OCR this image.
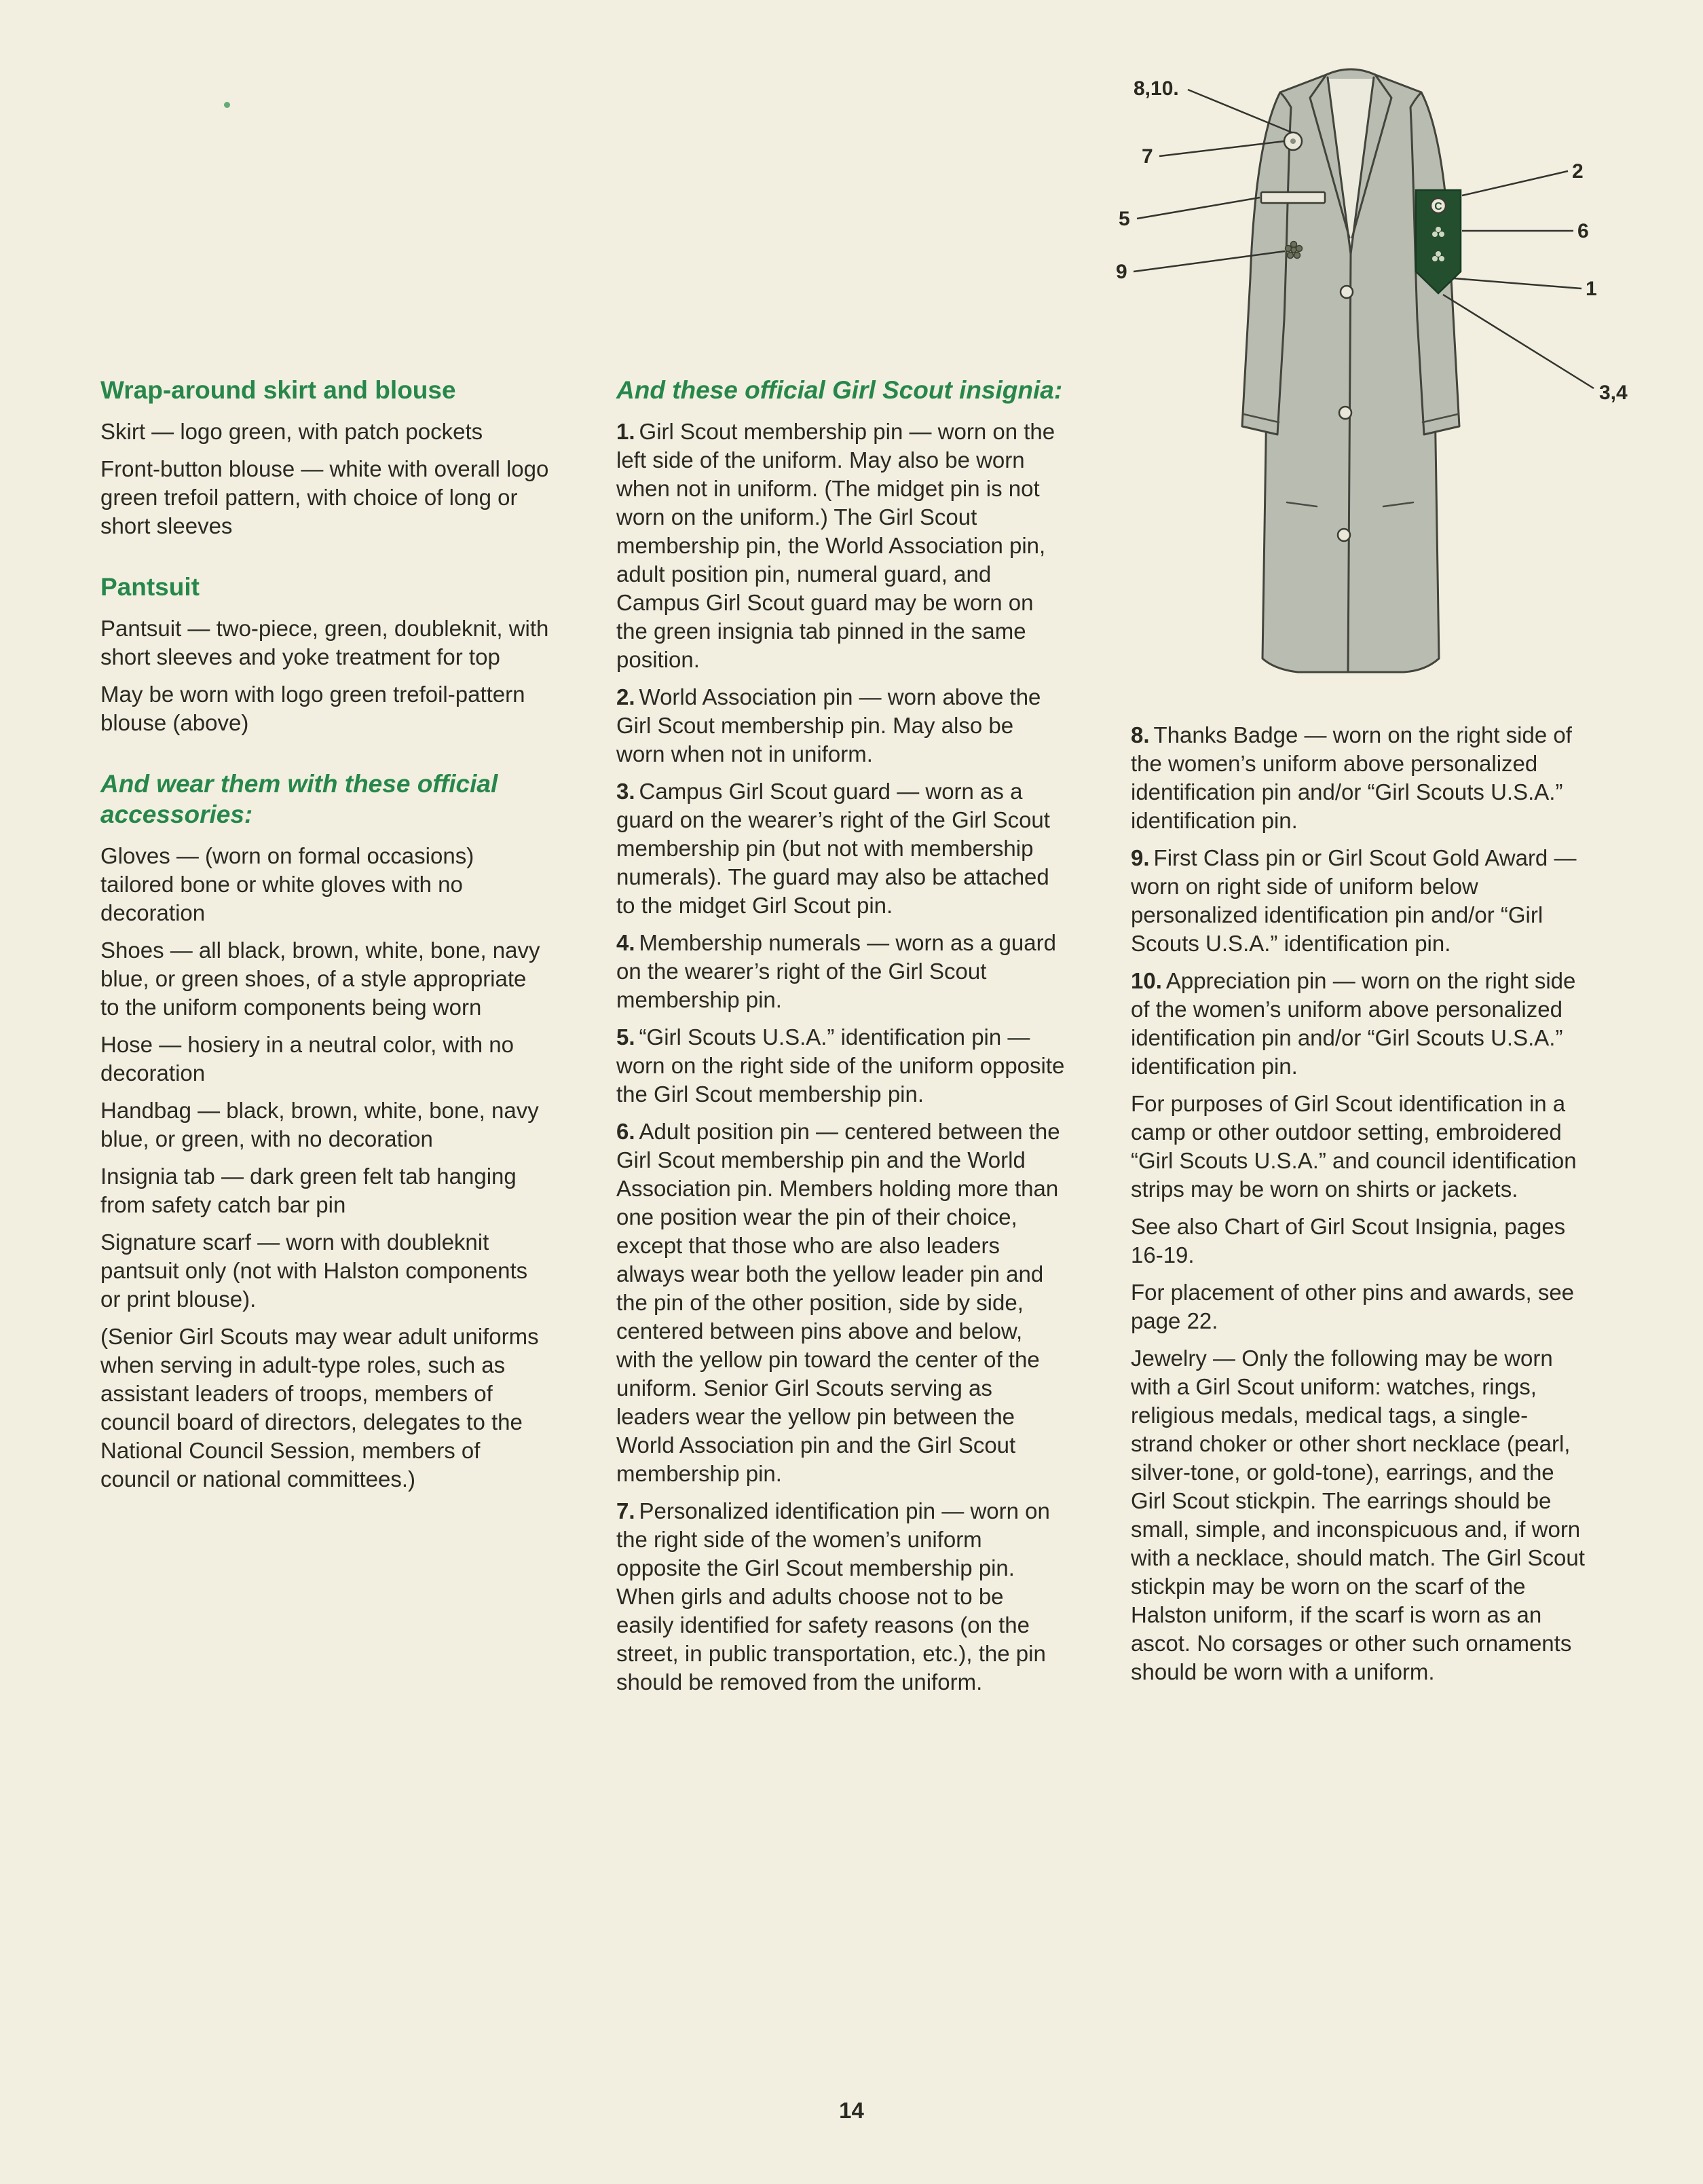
C
8,10.
7
5
9
2
6
1
3,4
Wrap-around skirt and blouse

Skirt — logo green, with patch pockets

Front-button blouse — white with overall logo green trefoil pattern, with choice of long or short sleeves

Pantsuit

Pantsuit — two-piece, green, doubleknit, with short sleeves and yoke treatment for top

May be worn with logo green trefoil-pattern blouse (above)

And wear them with these official accessories:

Gloves — (worn on formal occasions) tailored bone or white gloves with no decoration

Shoes — all black, brown, white, bone, navy blue, or green shoes, of a style appropriate to the uniform components being worn

Hose — hosiery in a neutral color, with no decoration

Handbag — black, brown, white, bone, navy blue, or green, with no decoration

Insignia tab — dark green felt tab hanging from safety catch bar pin

Signature scarf — worn with doubleknit pantsuit only (not with Halston components or print blouse).

(Senior Girl Scouts may wear adult uniforms when serving in adult-type roles, such as assistant leaders of troops, members of council board of directors, delegates to the National Council Session, members of council or national committees.)

And these official Girl Scout insignia:

1. Girl Scout membership pin — worn on the left side of the uniform. May also be worn when not in uniform. (The midget pin is not worn on the uniform.) The Girl Scout membership pin, the World Association pin, adult position pin, numeral guard, and Campus Girl Scout guard may be worn on the green insignia tab pinned in the same position.

2. World Association pin — worn above the Girl Scout membership pin. May also be worn when not in uniform.

3. Campus Girl Scout guard — worn as a guard on the wearer’s right of the Girl Scout membership pin (but not with membership numerals). The guard may also be attached to the midget Girl Scout pin.

4. Membership numerals — worn as a guard on the wearer’s right of the Girl Scout membership pin.

5. “Girl Scouts U.S.A.” identification pin — worn on the right side of the uniform opposite the Girl Scout membership pin.

6. Adult position pin — centered between the Girl Scout membership pin and the World Association pin. Members holding more than one position wear the pin of their choice, except that those who are also leaders always wear both the yellow leader pin and the pin of the other position, side by side, centered between pins above and below, with the yellow pin toward the center of the uniform. Senior Girl Scouts serving as leaders wear the yellow pin between the World Association pin and the Girl Scout membership pin.

7. Personalized identification pin — worn on the right side of the women’s uniform opposite the Girl Scout membership pin. When girls and adults choose not to be easily identified for safety reasons (on the street, in public transportation, etc.), the pin should be removed from the uniform.

8. Thanks Badge — worn on the right side of the women’s uniform above personalized identification pin and/or “Girl Scouts U.S.A.” identification pin.

9. First Class pin or Girl Scout Gold Award — worn on right side of uniform below personalized identification pin and/or “Girl Scouts U.S.A.” identification pin.

10. Appreciation pin — worn on the right side of the women’s uniform above personalized identification pin and/or “Girl Scouts U.S.A.” identification pin.

For purposes of Girl Scout identification in a camp or other outdoor setting, embroidered “Girl Scouts U.S.A.” and council identification strips may be worn on shirts or jackets.

See also Chart of Girl Scout Insignia, pages 16-19.

For placement of other pins and awards, see page 22.

Jewelry — Only the following may be worn with a Girl Scout uniform: watches, rings, religious medals, medical tags, a single-strand choker or other short necklace (pearl, silver-tone, or gold-tone), earrings, and the Girl Scout stickpin. The earrings should be small, simple, and inconspicuous and, if worn with a necklace, should match. The Girl Scout stickpin may be worn on the scarf of the Halston uniform, if the scarf is worn as an ascot. No corsages or other such ornaments should be worn with a uniform.

14
